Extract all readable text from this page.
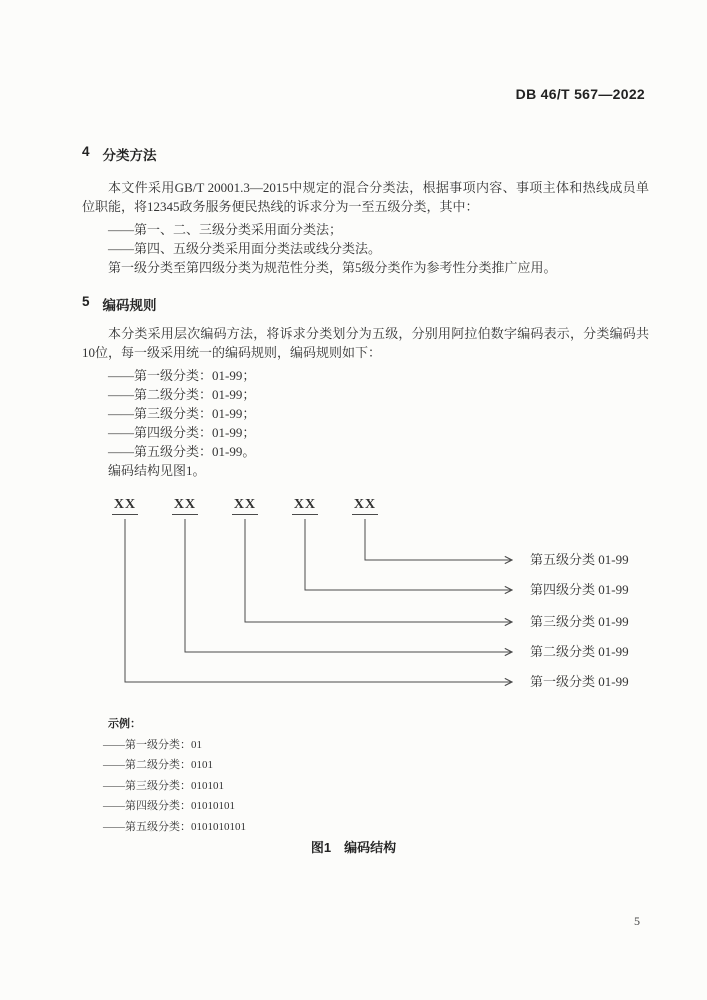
DB 46/T 567—2022
4 分类方法

本文件采用GB/T 20001.3—2015中规定的混合分类法，根据事项内容、事项主体和热线成员单位职能，将12345政务服务便民热线的诉求分为一至五级分类，其中：

——第一、二、三级分类采用面分类法；

——第四、五级分类采用面分类法或线分类法。

第一级分类至第四级分类为规范性分类，第5级分类作为参考性分类推广应用。

5 编码规则

本分类采用层次编码方法，将诉求分类划分为五级，分别用阿拉伯数字编码表示，分类编码共10位，每一级采用统一的编码规则，编码规则如下：

——第一级分类：01-99；

——第二级分类：01-99；

——第三级分类：01-99；

——第四级分类：01-99；

——第五级分类：01-99。

编码结构见图1。

XX	XX	XX	XX	XX
第五级分类 01-99
第四级分类 01-99
第三级分类 01-99
第二级分类 01-99
第一级分类 01-99

示例：

——第一级分类：01

——第二级分类：0101

——第三级分类：010101

——第四级分类：01010101

——第五级分类：0101010101

图1　编码结构
5
